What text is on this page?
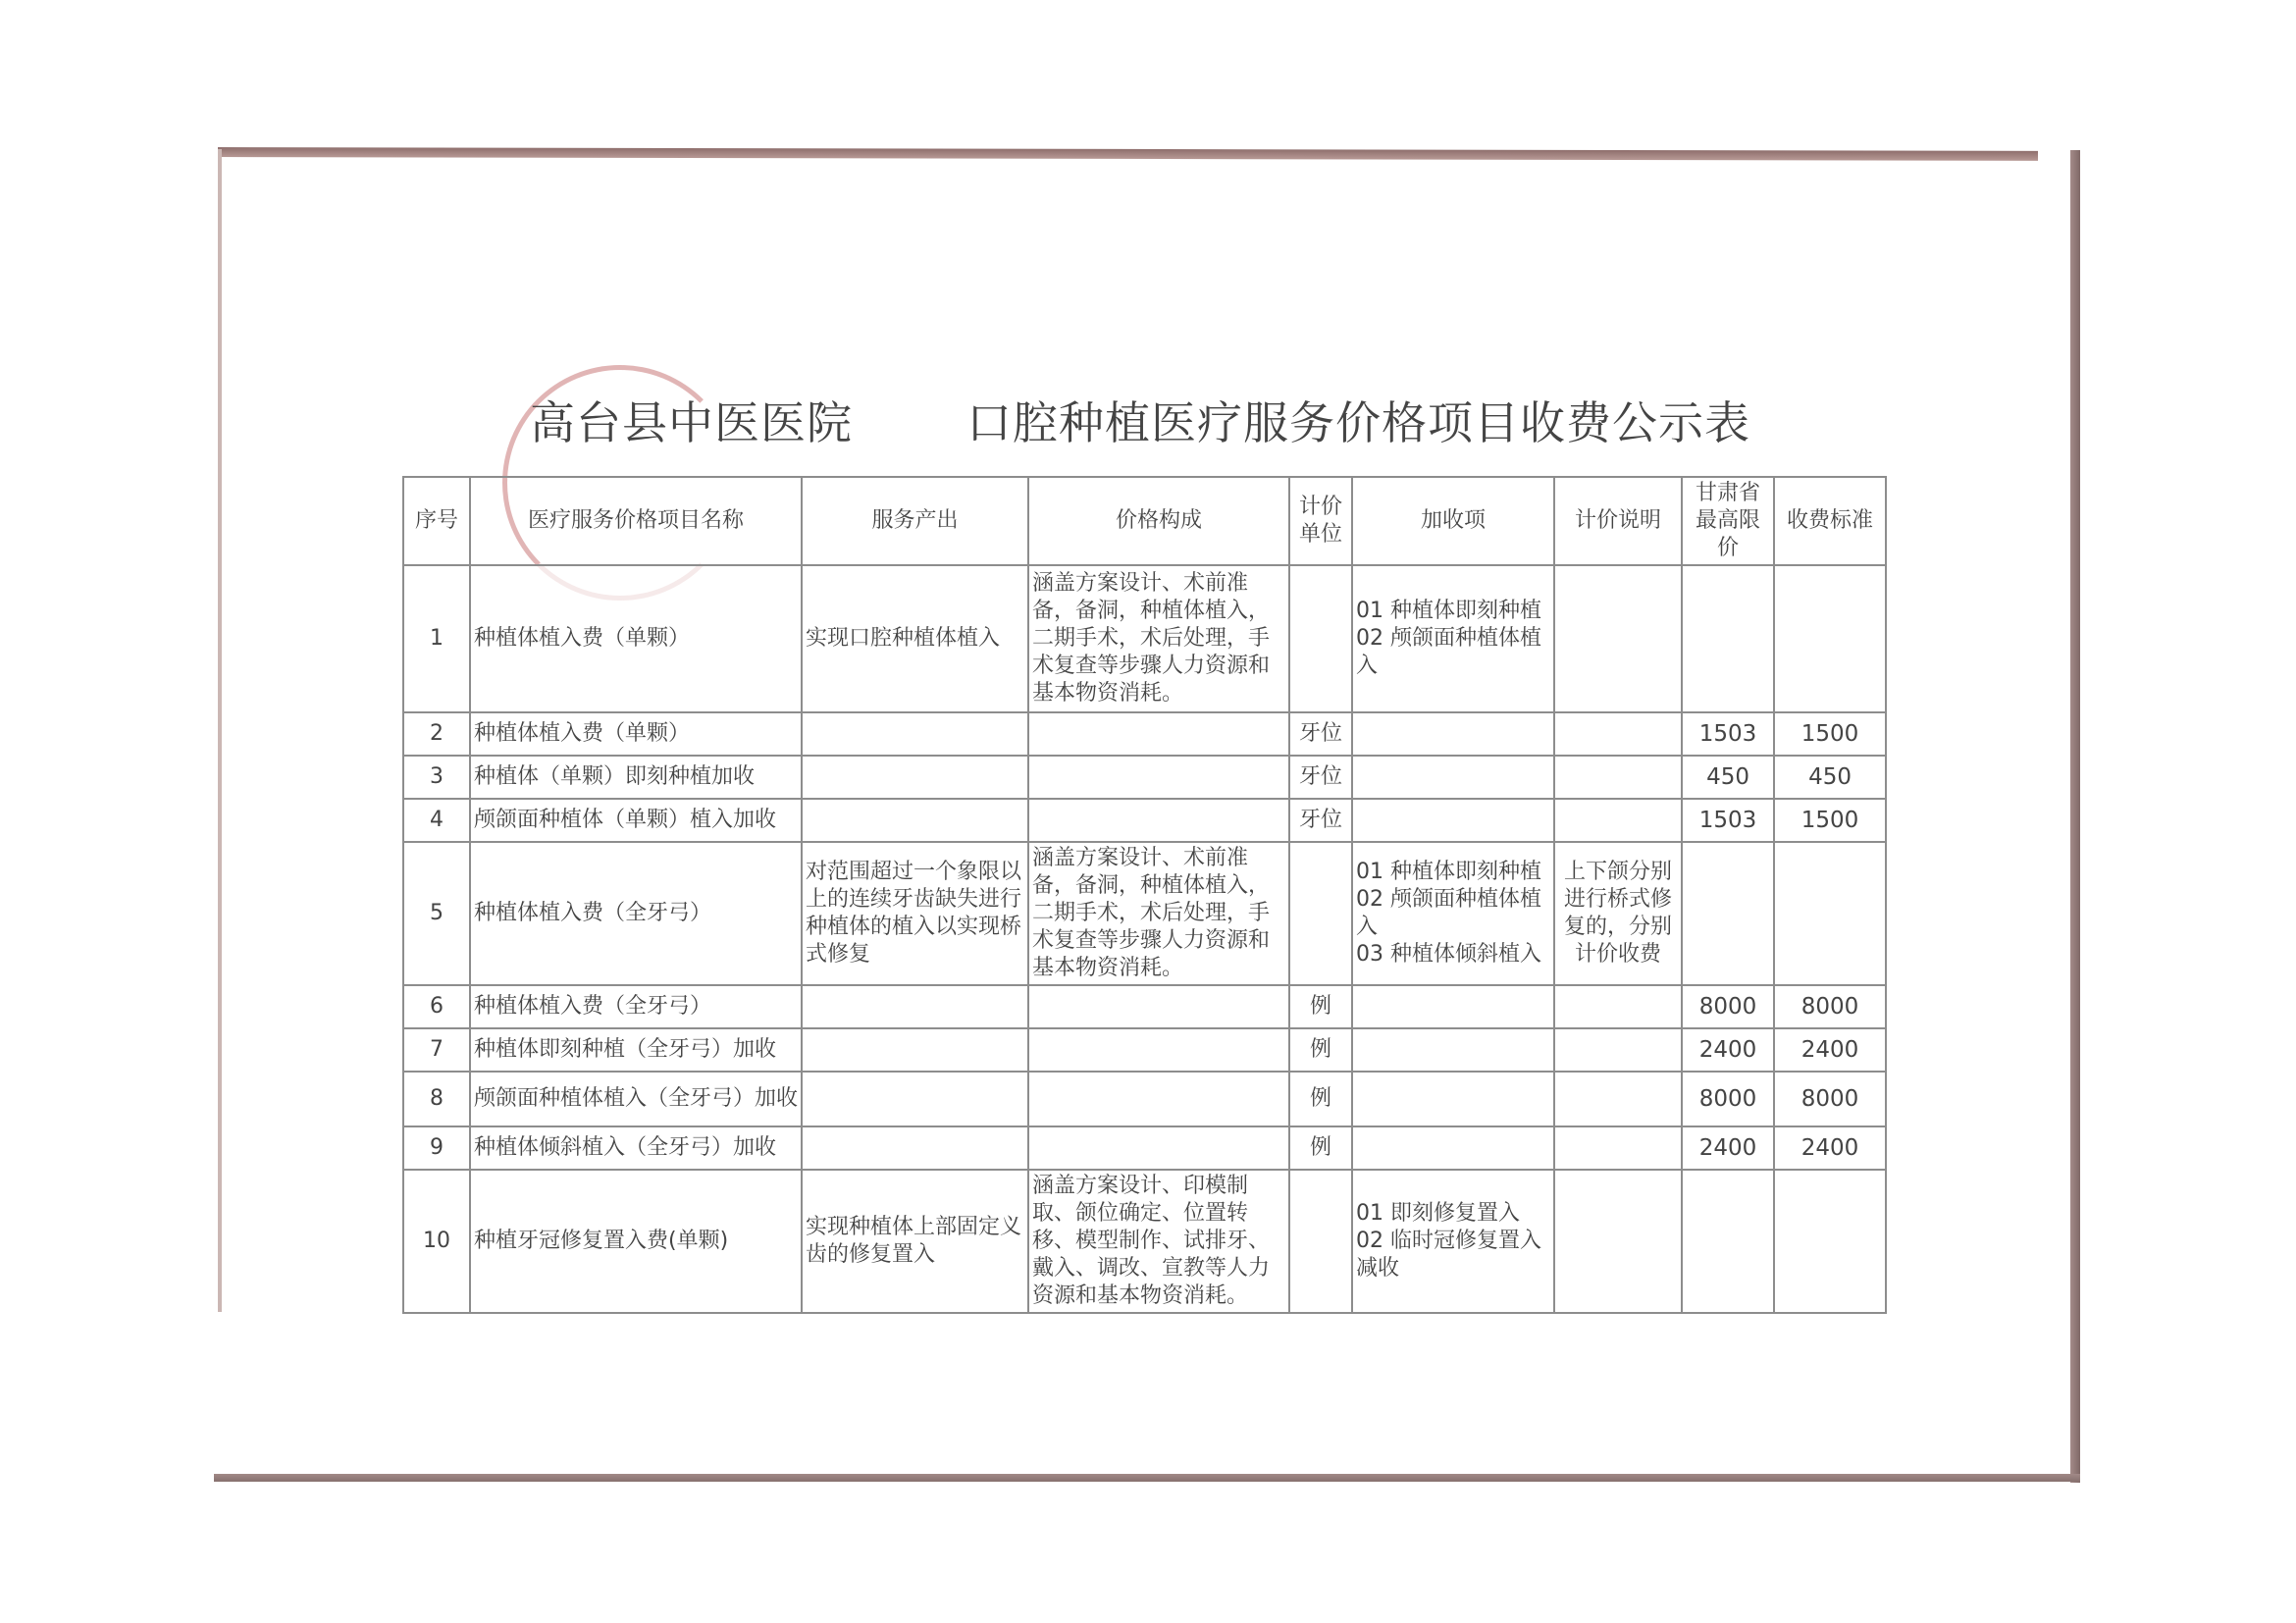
高台县中医医院	口腔种植医疗服务价格项目收费公示表
序号	医疗服务价格项目名称	服务产出	价格构成	计价单位	加收项	计价说明	甘肃省最高限价	收费标准
1	种植体植入费（单颗）	实现口腔种植体植入	涵盖方案设计、术前准备，备洞，种植体植入，二期手术，术后处理，手术复查等步骤人力资源和基本物资消耗。		01 种植体即刻种植
02 颅颌面种植体植入			
2	种植体植入费（单颗）			牙位			1503	1500
3	种植体（单颗）即刻种植加收			牙位			450	450
4	颅颌面种植体（单颗）植入加收			牙位			1503	1500
5	种植体植入费（全牙弓）	对范围超过一个象限以上的连续牙齿缺失进行种植体的植入以实现桥式修复	涵盖方案设计、术前准备，备洞，种植体植入，二期手术，术后处理，手术复查等步骤人力资源和基本物资消耗。		01 种植体即刻种植
02 颅颌面种植体植入
03 种植体倾斜植入	上下颌分别进行桥式修复的，分别计价收费		
6	种植体植入费（全牙弓）			例			8000	8000
7	种植体即刻种植（全牙弓）加收			例			2400	2400
8	颅颌面种植体植入（全牙弓）加收			例			8000	8000
9	种植体倾斜植入（全牙弓）加收			例			2400	2400
10	种植牙冠修复置入费(单颗)	实现种植体上部固定义齿的修复置入	涵盖方案设计、印模制取、颌位确定、位置转移、模型制作、试排牙、戴入、调改、宣教等人力资源和基本物资消耗。		01 即刻修复置入
02 临时冠修复置入减收			
